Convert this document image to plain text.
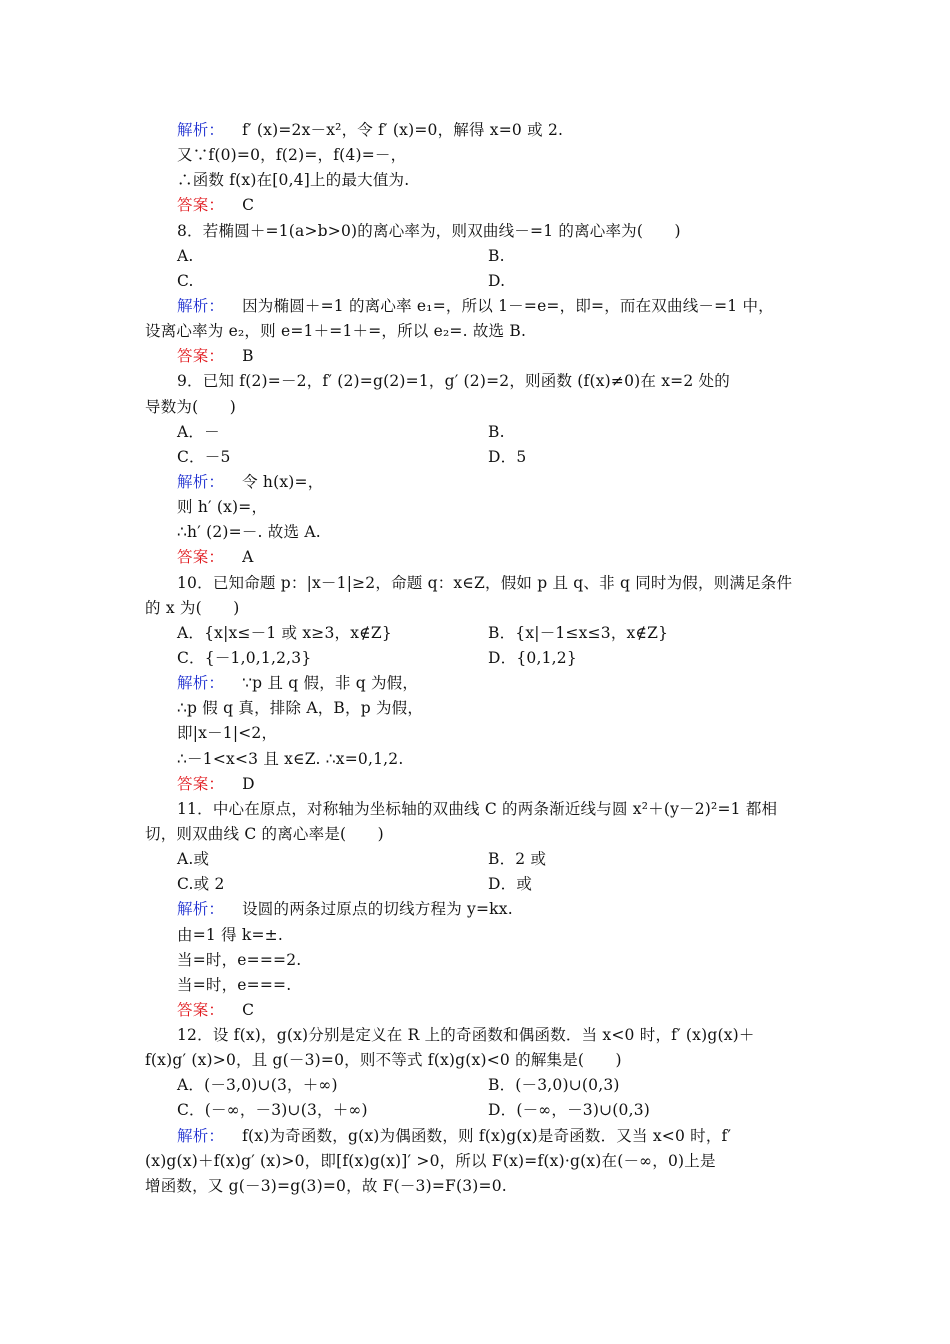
解析： f′ (x)=2x－x²，令 f′ (x)=0，解得 x=0 或 2.
又∵f(0)=0，f(2)=，f(4)=－，
∴函数 f(x)在[0,4]上的最大值为.
答案： C
8．若椭圆＋=1(a>b>0)的离心率为，则双曲线－=1 的离心率为(　　)
A.	B.
C.	D.
解析： 因为椭圆＋=1 的离心率 e₁=，所以 1－=e=，即=，而在双曲线－=1 中，
设离心率为 e₂，则 e=1＋=1＋=，所以 e₂=. 故选 B.
答案： B
9．已知 f(2)=－2，f′ (2)=g(2)=1，g′ (2)=2，则函数 (f(x)≠0)在 x=2 处的
导数为(　　)
A．－	B.
C．－5	D．5
解析： 令 h(x)=，
则 h′ (x)=，
∴h′ (2)=－. 故选 A.
答案： A
10．已知命题 p：|x－1|≥2，命题 q：x∈Z，假如 p 且 q、非 q 同时为假，则满足条件
的 x 为(　　)
A．{x|x≤－1 或 x≥3，x∉Z}	B．{x|－1≤x≤3，x∉Z}
C．{－1,0,1,2,3}	D．{0,1,2}
解析： ∵p 且 q 假，非 q 为假，
∴p 假 q 真，排除 A，B，p 为假，
即|x－1|<2，
∴－1<x<3 且 x∈Z. ∴x=0,1,2.
答案： D
11．中心在原点，对称轴为坐标轴的双曲线 C 的两条渐近线与圆 x²＋(y－2)²=1 都相
切，则双曲线 C 的离心率是(　　)
A.或	B．2 或
C.或 2	D．或
解析： 设圆的两条过原点的切线方程为 y=kx.
由=1 得 k=±.
当=时，e===2.
当=时，e===.
答案： C
12．设 f(x)，g(x)分别是定义在 R 上的奇函数和偶函数．当 x<0 时，f′ (x)g(x)＋
f(x)g′ (x)>0，且 g(－3)=0，则不等式 f(x)g(x)<0 的解集是(　　)
A．(－3,0)∪(3，＋∞)	B．(－3,0)∪(0,3)
C．(－∞，－3)∪(3，＋∞)	D．(－∞，－3)∪(0,3)
解析： f(x)为奇函数，g(x)为偶函数，则 f(x)g(x)是奇函数．又当 x<0 时，f′
(x)g(x)＋f(x)g′ (x)>0，即[f(x)g(x)]′ >0，所以 F(x)=f(x)·g(x)在(－∞，0)上是
增函数，又 g(－3)=g(3)=0，故 F(－3)=F(3)=0.
